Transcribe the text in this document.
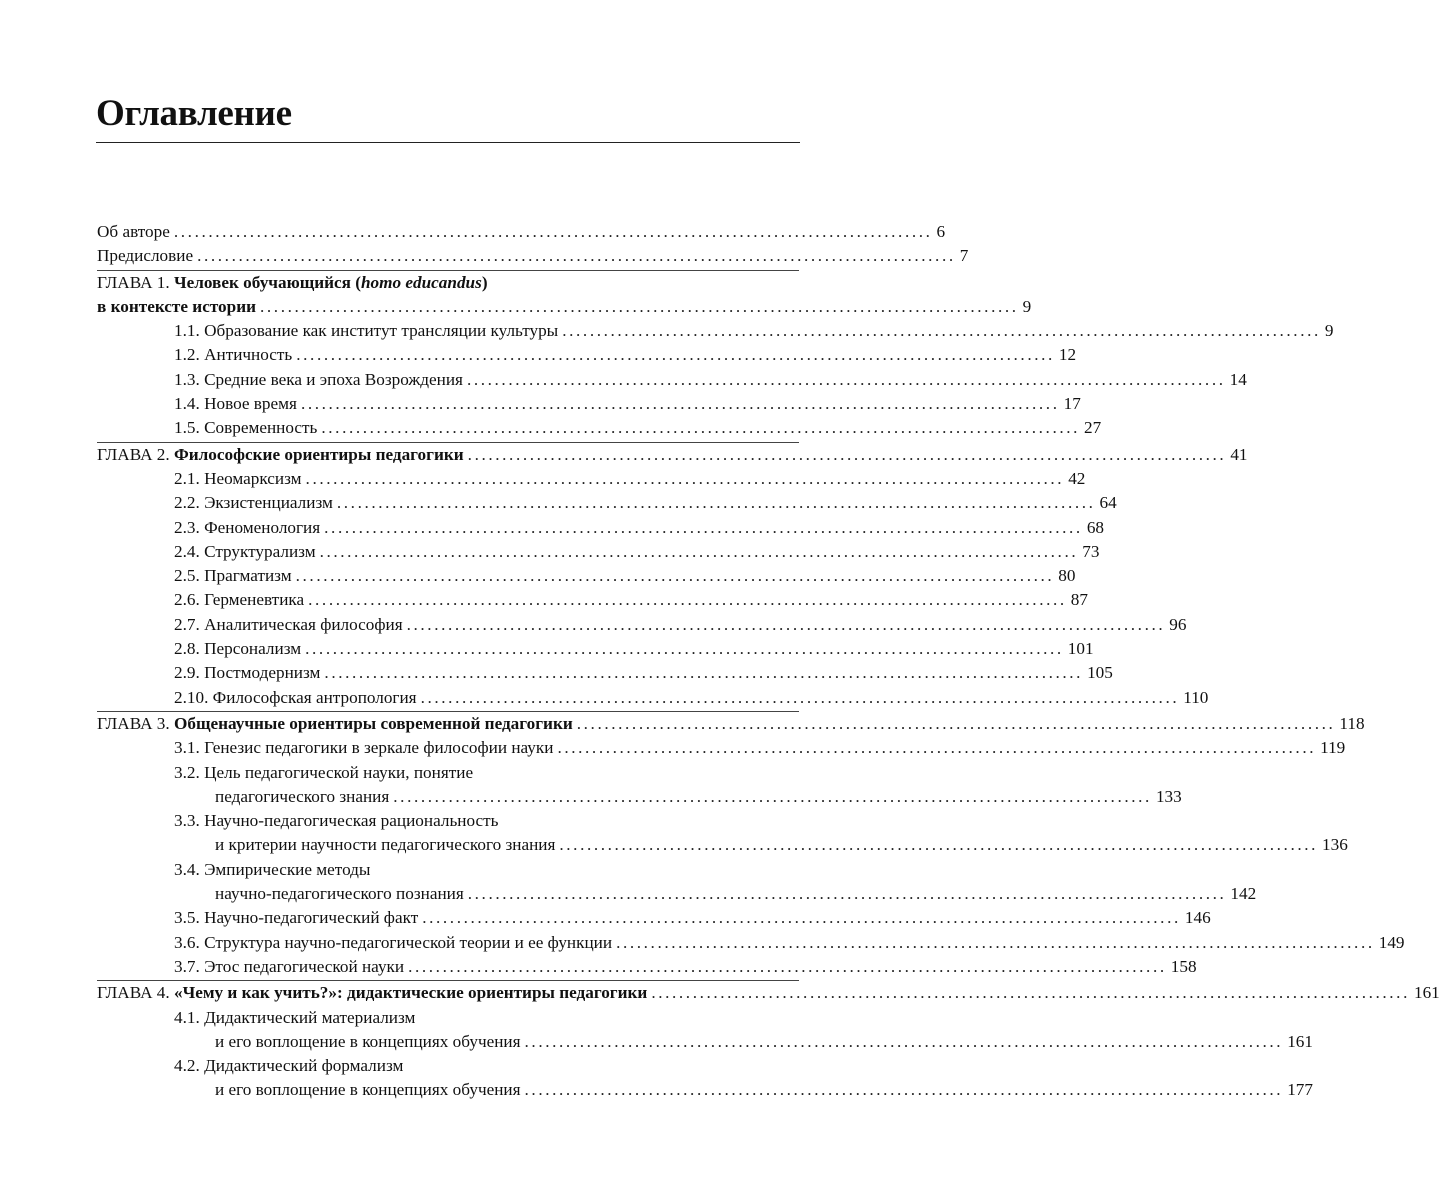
Оглавление
Об авторе .............................................................................................................. 6
Предисловие .............................................................................................................. 7
ГЛАВА 1. Человек обучающийся (homo educandus)
в контексте истории .............................................................................................................. 9
1.1. Образование как институт трансляции культуры .............................................................................................................. 9
1.2. Античность .............................................................................................................. 12
1.3. Средние века и эпоха Возрождения .............................................................................................................. 14
1.4. Новое время .............................................................................................................. 17
1.5. Современность .............................................................................................................. 27
ГЛАВА 2. Философские ориентиры педагогики .............................................................................................................. 41
2.1. Неомарксизм .............................................................................................................. 42
2.2. Экзистенциализм .............................................................................................................. 64
2.3. Феноменология .............................................................................................................. 68
2.4. Структурализм .............................................................................................................. 73
2.5. Прагматизм .............................................................................................................. 80
2.6. Герменевтика .............................................................................................................. 87
2.7. Аналитическая философия .............................................................................................................. 96
2.8. Персонализм .............................................................................................................. 101
2.9. Постмодернизм .............................................................................................................. 105
2.10. Философская антропология .............................................................................................................. 110
ГЛАВА 3. Общенаучные ориентиры современной педагогики .............................................................................................................. 118
3.1. Генезис педагогики в зеркале философии науки .............................................................................................................. 119
3.2. Цель педагогической науки, понятие
педагогического знания .............................................................................................................. 133
3.3. Научно-педагогическая рациональность
и критерии научности педагогического знания .............................................................................................................. 136
3.4. Эмпирические методы
научно-педагогического познания .............................................................................................................. 142
3.5. Научно-педагогический факт .............................................................................................................. 146
3.6. Структура научно-педагогической теории и ее функции .............................................................................................................. 149
3.7. Этос педагогической науки .............................................................................................................. 158
ГЛАВА 4. «Чему и как учить?»: дидактические ориентиры педагогики .............................................................................................................. 161
4.1. Дидактический материализм
и его воплощение в концепциях обучения .............................................................................................................. 161
4.2. Дидактический формализм
и его воплощение в концепциях обучения .............................................................................................................. 177
